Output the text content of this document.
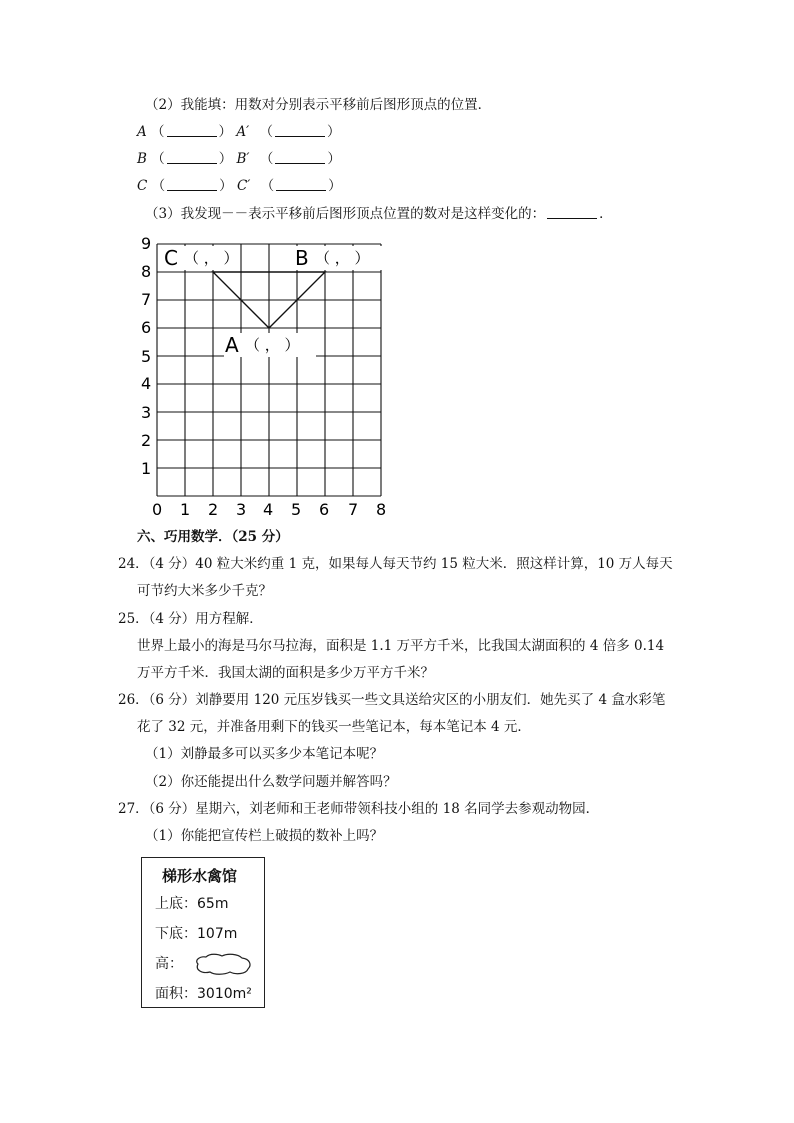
（2）我能填：用数对分别表示平移前后图形顶点的位置．
A （	） A′ （	）
B （	） B′ （	）
C （	） C′ （	）
（3）我发现－－表示平移前后图形顶点位置的数对是这样变化的：	．
9
8
7
6
5
4
3
2
1
0 1 2 3 4 5 6 7 8
C （ ， ）	B （ ， ）
A （ ， ）
六、巧用数学．（25 分）
24．（4 分）40 粒大米约重 1 克，如果每人每天节约 15 粒大米．照这样计算，10 万人每天
可节约大米多少千克？
25．（4 分）用方程解．
世界上最小的海是马尔马拉海，面积是 1.1 万平方千米，比我国太湖面积的 4 倍多 0.14
万平方千米．我国太湖的面积是多少万平方千米？
26．（6 分）刘静要用 120 元压岁钱买一些文具送给灾区的小朋友们．她先买了 4 盒水彩笔
花了 32 元，并准备用剩下的钱买一些笔记本，每本笔记本 4 元．
（1）刘静最多可以买多少本笔记本呢？
（2）你还能提出什么数学问题并解答吗？
27．（6 分）星期六，刘老师和王老师带领科技小组的 18 名同学去参观动物园．
（1）你能把宣传栏上破损的数补上吗？
梯形水禽馆
上底：65m
下底：107m
高：
面积：3010m²
